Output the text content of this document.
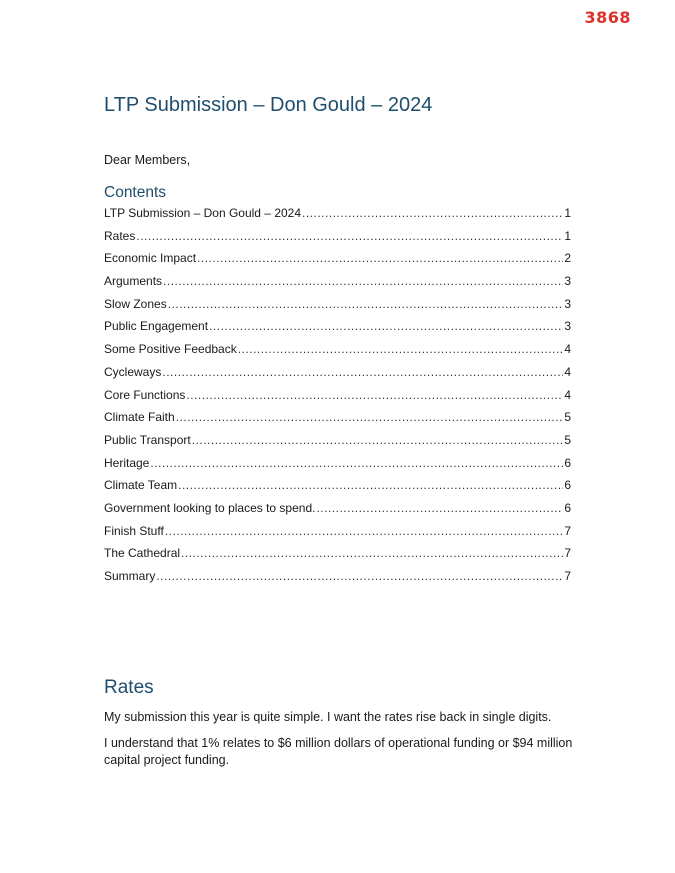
3868
LTP Submission – Don Gould – 2024
Dear Members,
Contents
LTP Submission – Don Gould – 2024 .....	1
Rates .....	1
Economic Impact .....	2
Arguments .....	3
Slow Zones .....	3
Public Engagement .....	3
Some Positive Feedback .....	4
Cycleways .....	4
Core Functions .....	4
Climate Faith .....	5
Public Transport .....	5
Heritage .....	6
Climate Team .....	6
Government looking to places to spend. .....	6
Finish Stuff .....	7
The Cathedral .....	7
Summary .....	7
Rates

My submission this year is quite simple. I want the rates rise back in single digits.

I understand that 1% relates to $6 million dollars of operational funding or $94 million capital project funding.
